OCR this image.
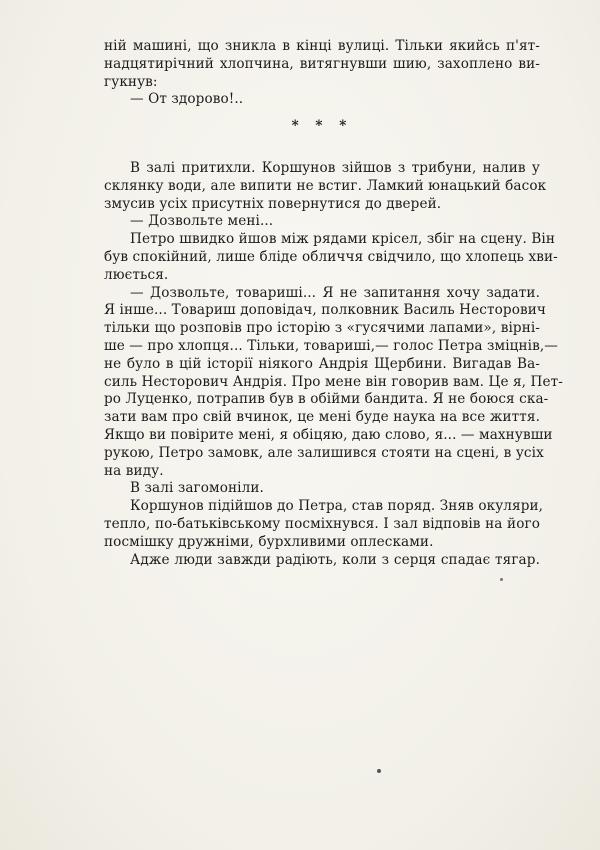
ній машині, що зникла в кінці вулиці. Тільки якийсь п'ят-
надцятирічний хлопчина, витягнувши шию, захоплено ви-
гукнув:
— От здорово!..
* * *
В залі притихли. Коршунов зійшов з трибуни, налив у
склянку води, але випити не встиг. Ламкий юнацький басок
змусив усіх присутніх повернутися до дверей.
— Дозвольте мені...
Петро швидко йшов між рядами крісел, збіг на сцену. Він
був спокійний, лише бліде обличчя свідчило, що хлопець хви-
люється.
— Дозвольте, товариші... Я не запитання хочу задати.
Я інше... Товариш доповідач, полковник Василь Несторович
тільки що розповів про історію з «гусячими лапами», вірні-
ше — про хлопця... Тільки, товариші,— голос Петра зміцнів,—
не було в цій історії ніякого Андрія Щербини. Вигадав Ва-
силь Несторович Андрія. Про мене він говорив вам. Це я, Пет-
ро Луценко, потрапив був в обійми бандита. Я не боюся ска-
зати вам про свій вчинок, це мені буде наука на все життя.
Якщо ви повірите мені, я обіцяю, даю слово, я... — махнувши
рукою, Петро замовк, але залишився стояти на сцені, в усіх
на виду.
В залі загомоніли.
Коршунов підійшов до Петра, став поряд. Зняв окуляри,
тепло, по-батьківському посміхнувся. І зал відповів на його
посмішку дружніми, бурхливими оплесками.
Адже люди завжди радіють, коли з серця спадає тягар.
